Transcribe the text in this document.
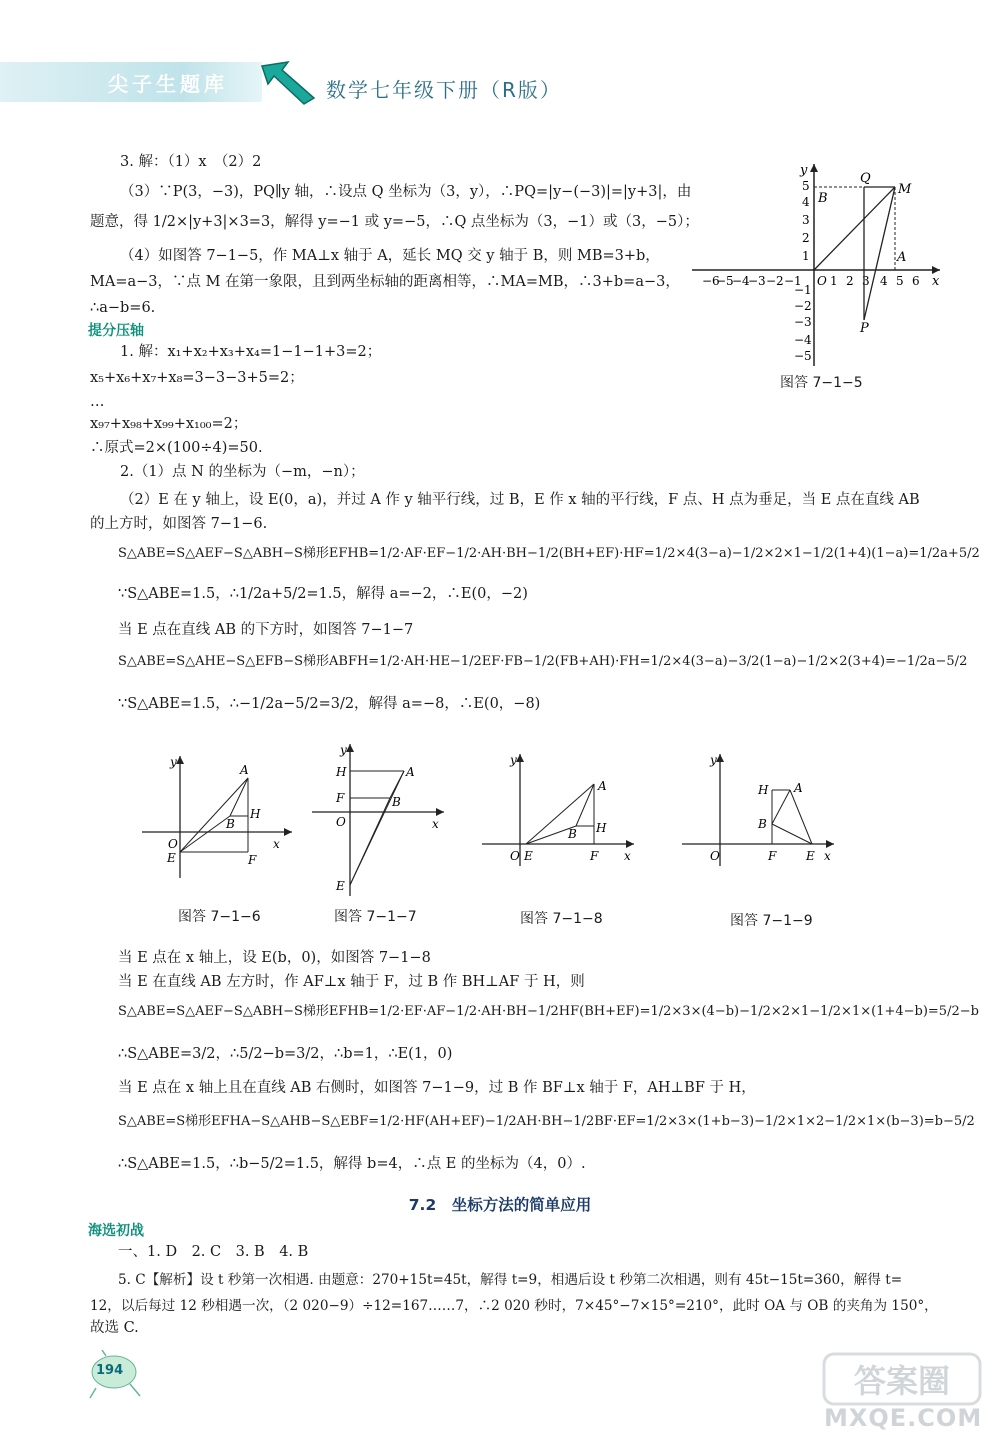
尖子生题库	数学七年级下册（R版）
3. 解：（1）x　（2）2
（3）∵P(3，−3)，PQ∥y 轴，∴设点 Q 坐标为（3，y），∴PQ=|y−(−3)|=|y+3|，由
题意，得 1/2×|y+3|×3=3，解得 y=−1 或 y=−5，∴Q 点坐标为（3，−1）或（3，−5）；
（4）如图答 7−1−5，作 MA⊥x 轴于 A，延长 MQ 交 y 轴于 B，则 MB=3+b，
MA=a−3，∵点 M 在第一象限，且到两坐标轴的距离相等，∴MA=MB，∴3+b=a−3，
∴a−b=6.
提分压轴
1. 解：x₁+x₂+x₃+x₄=1−1−1+3=2；
x₅+x₆+x₇+x₈=3−3−3+5=2；
…
x₉₇+x₉₈+x₉₉+x₁₀₀=2；
∴原式=2×(100÷4)=50.
2.（1）点 N 的坐标为（−m，−n）；
（2）E 在 y 轴上，设 E(0，a)，并过 A 作 y 轴平行线，过 B，E 作 x 轴的平行线，F 点、H 点为垂足，当 E 点在直线 AB
的上方时，如图答 7−1−6.
S△ABE=S△AEF−S△ABH−S梯形EFHB=1/2·AF·EF−1/2·AH·BH−1/2(BH+EF)·HF=1/2×4(3−a)−1/2×2×1−1/2(1+4)(1−a)=1/2a+5/2
∵S△ABE=1.5，∴1/2a+5/2=1.5，解得 a=−2，∴E(0，−2)
当 E 点在直线 AB 的下方时，如图答 7−1−7
S△ABE=S△AHE−S△EFB−S梯形ABFH=1/2·AH·HE−1/2EF·FB−1/2(FB+AH)·FH=1/2×4(3−a)−3/2(1−a)−1/2×2(3+4)=−1/2a−5/2
∵S△ABE=1.5，∴−1/2a−5/2=3/2，解得 a=−8，∴E(0，−8)
x
y
−6
−5
−4
−3 −2 −1 O 1 2 3 4 5 6
5
4
3
2
1
−1
−2
−3
−4
−5
Q
M
B
A
P
图答 7−1−5
y
x
A
H
B
O
E	F
图答 7−1−6
y
x
A
B
H
F
O
E
图答 7−1−7
y
x
A
H
B
O E	F
图答 7−1−8
y
x
A
H
B
O	F E
图答 7−1−9
当 E 点在 x 轴上，设 E(b，0)，如图答 7−1−8
当 E 在直线 AB 左方时，作 AF⊥x 轴于 F，过 B 作 BH⊥AF 于 H，则
S△ABE=S△AEF−S△ABH−S梯形EFHB=1/2·EF·AF−1/2·AH·BH−1/2HF(BH+EF)=1/2×3×(4−b)−1/2×2×1−1/2×1×(1+4−b)=5/2−b
∴S△ABE=3/2，∴5/2−b=3/2，∴b=1，∴E(1，0)
当 E 点在 x 轴上且在直线 AB 右侧时，如图答 7−1−9，过 B 作 BF⊥x 轴于 F，AH⊥BF 于 H，
S△ABE=S梯形EFHA−S△AHB−S△EBF=1/2·HF(AH+EF)−1/2AH·BH−1/2BF·EF=1/2×3×(1+b−3)−1/2×1×2−1/2×1×(b−3)=b−5/2
∴S△ABE=1.5，∴b−5/2=1.5，解得 b=4，∴点 E 的坐标为（4，0）.
7.2　坐标方法的简单应用
海选初战
一、1. D　2. C　3. B　4. B
5. C【解析】设 t 秒第一次相遇. 由题意：270+15t=45t，解得 t=9，相遇后设 t 秒第二次相遇，则有 45t−15t=360，解得 t=
12，以后每过 12 秒相遇一次，（2 020−9）÷12=167……7，∴2 020 秒时，7×45°−7×15°=210°，此时 OA 与 OB 的夹角为 150°，
故选 C.
194	答案圈
MXQE.COM
